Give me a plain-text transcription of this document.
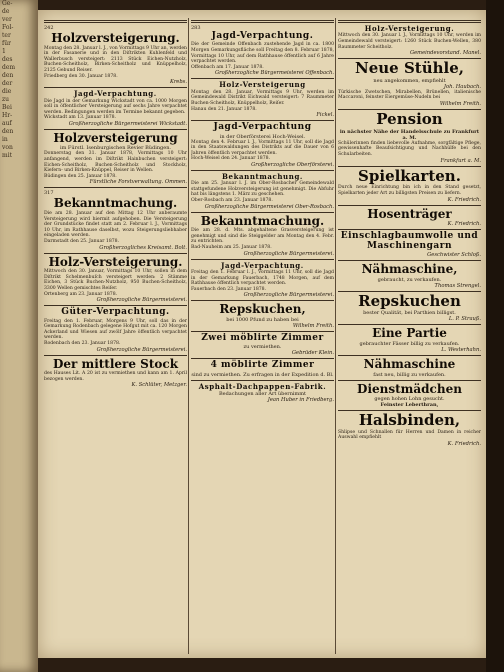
Ge-
de
ver
Fol-
ter
für
1
des
dem
den
der
die
zu
Bei
Hr-
auf
den
in
von
mit

242

Holzversteigerung.

Montag den 28. Januar l. J., von Vormittags 9 Uhr an, werden in der Fasanerie und in den Diſtrikten Kuhlenfeld und Wallerbusch versteigert: 2113 Stück Eichen-Nutzholz, Buchen-Scheitholz, Birken-Scheitholz und Knüppelholz, 2125 Gebund Reiser.

Friedberg den 30. Januar 1878.

Krebs.

Jagd-Verpachtung.

Die Jagd in der Gemarkung Wickstadt von ca. 1000 Morgen soll in öffentlicher Versteigerung auf sechs Jahre verpachtet werden. Bedingungen werden im Termine bekannt gegeben.

Wickstadt am 13. Januar 1878.

Großherzogliche Bürgermeisterei Wickstadt.

Holzversteigerung

im Fürstl. Isenburgischen Revier Büdingen.

Donnerstag den 31. Januar 1878, Vormittags 10 Uhr anfangend, werden im Diſtrikt Hainbuchen versteigert: Eichen-Scheitholz, Buchen-Scheitholz und Stockholz, Kiefern- und Birken-Knüppel, Reiser in Wellen.

Büdingen den 25. Januar 1878.

Fürstliche Forstverwaltung. Ommen.

317

Bekanntmachung.

Die am 28. Januar auf den Mittag 12 Uhr anberaumte Versteigerung wird hiermit aufgehoben. Die Versteigerung der Grundstücke findet statt am 2. Februar l. J., Vormittags 10 Uhr, im Rathhause daselbst, wozu Steigerungsliebhaber eingeladen werden.

Darmstadt den 25. Januar 1878.

Großherzogliches Kreisamt. Bolt.

Holz-Versteigerung.

Mittwoch den 30. Januar, Vormittags 10 Uhr, sollen in dem Diſtrikt Schelmenbuſch versteigert werden: 2 Stämme Eichen, 3 Stück Buchen-Nutzholz, 950 Buchen-Scheitholz, 3300 Wellen gemischtes Reiſer.

Ortenberg am 23. Januar 1878.

Großherzogliche Bürgermeisterei.

Güter-Verpachtung.

Freitag den 1. Februar, Morgens 9 Uhr, soll das in der Gemarkung Rodenbach gelegene Hofgut mit ca. 120 Morgen Ackerland und Wiesen auf zwölf Jahre öffentlich verpachtet werden.

Rodenbach den 23. Januar 1878.

Großherzogliche Bürgermeisterei.

Der mittlere Stock

des Hauses Lit. A 20 ist zu vermiethen und kann am 1. April bezogen werden.

K. Schlüter, Metzger.

283

Jagd-Verpachtung.

Die der Gemeinde Offenbach zustehende Jagd in ca. 1800 Morgen Gemarkungsfläche soll Freitag den 8. Februar 1878, Vormittags 10 Uhr, auf dem Rathhause öffentlich auf 6 Jahre verpachtet werden.

Offenbach am 17. Januar 1878.

Großherzogliche Bürgermeisterei Offenbach.

Holz-Versteigerung

Montag den 28. Januar, Vormittags 9 Uhr, werden im Gemeindewald Distrikt Eichwald versteigert: 7 Raummeter Buchen-Scheitholz, Knüppelholz, Reiſer.

Hanau den 21. Januar 1878.

Fickel.

Jagd-Verpachtung

in der Oberförsterei Hoch-Weisel.

Montag den 4. Februar l. J., Vormittags 11 Uhr, soll die Jagd in den Staatswaldungen des Distrikts auf die Dauer von 6 Jahren öffentlich verpachtet werden.

Hoch-Weisel den 24. Januar 1878.

Großherzogliche Oberförsterei.

Bekanntmachung.

Die am 25. Januar l. J. im Ober-Rosbacher Gemeindewald stattgefundene Holzversteigerung ist genehmigt. Die Abfuhr hat bis längstens 1. März zu geschehen.

Ober-Rosbach am 23. Januar 1878.

Großherzogliche Bürgermeisterei Ober-Rosbach.

Bekanntmachung.

Die am 28. d. Mts. abgehaltene Grasversteigerung ist genehmigt und sind die Steiggelder am Montag den 4. Febr. zu entrichten.

Bad-Nauheim am 25. Januar 1878.

Großherzogliche Bürgermeisterei.

Jagd-Verpachtung.

Freitag den 1. Februar l. J., Vormittags 11 Uhr, soll die Jagd in der Gemarkung Fauerbach, 1748 Morgen, auf dem Rathhause öffentlich verpachtet werden.

Fauerbach den 23. Januar 1878.

Großherzogliche Bürgermeisterei.

Repskuchen,

bei 1000 Pfund zu haben bei

Wilhelm Freith.

Zwei möblirte Zimmer

zu vermiethen.

Gebrüder Klein.

4 möblirte Zimmer

sind zu vermiethen. Zu erfragen in der Expedition d. Bl.

Asphalt-Dachpappen-Fabrik.

Bedachungen aller Art übernimmt

Jean Huber in Friedberg.

Holz-Versteigerung.

Mittwoch den 30. Januar l. J., Vormittags 10 Uhr, werden im Gemeindewald versteigert: 1260 Stück Buchen-Wellen, 380 Raummeter Scheitholz.

Gemeindevorstand. Manel.

Neue Stühle,

neu angekommen, empfiehlt

Joh. Haubach.

Türkische Zwetschen, Mirabellen, Brünellen, italienische Maccaroni, feinster Eiergemüse-Nudeln bei

Wilhelm Freith.

Pension

in nächster Nähe der Handelsschule zu Frankfurt a. M.

Schülerinnen finden liebevolle Aufnahme, sorgfältige Pflege, gewissenhafte Beaufsichtigung und Nachhülfe bei den Schularbeiten.

Frankfurt a. M.

Spielkarten.

Durch neue Einrichtung bin ich in den Stand gesetzt, Spielkarten jeder Art zu billigsten Preisen zu liefern.

K. Friedrich.

Hosenträger

K. Friedrich.

Einschlagbaumwolle und Maschinengarn

Geschwister Schloß.

Nähmaschine,

gebraucht, zu verkaufen.

Thomas Strengel.

Repskuchen

bester Qualität, bei Parthien billigst.

L. P. Strauß.

Eine Partie

gebrauchter Fässer billig zu verkaufen.

L. Westerhahn.

Nähmaschine

fast neu, billig zu verkaufen.

Dienstmädchen

gegen hohen Lohn gesucht.

Feinster Leberthran,

Halsbinden,

Shlipse und Schnallen für Herren und Damen in reicher Auswahl empfiehlt

K. Friedrich.
